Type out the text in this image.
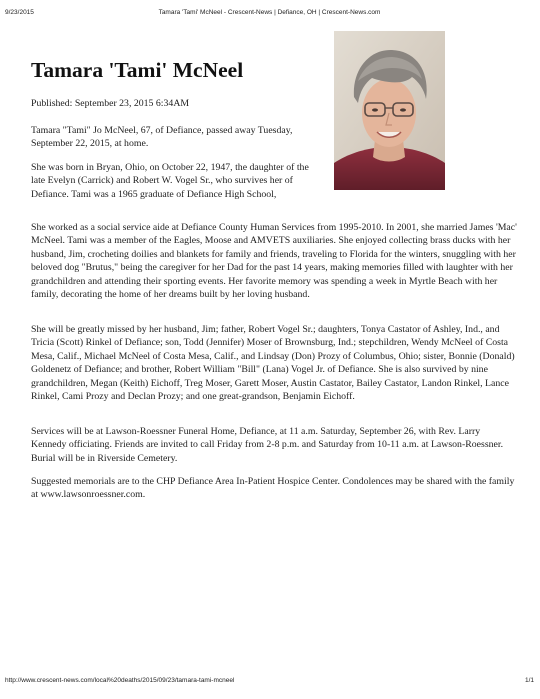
9/23/2015	Tamara 'Tami' McNeel - Crescent-News | Defiance, OH | Crescent-News.com
Tamara 'Tami' McNeel

Published: September 23, 2015 6:34AM

Tamara "Tami" Jo McNeel, 67, of Defiance, passed away Tuesday, September 22, 2015, at home.

She was born in Bryan, Ohio, on October 22, 1947, the daughter of the late Evelyn (Carrick) and Robert W. Vogel Sr., who survives her of Defiance. Tami was a 1965 graduate of Defiance High School,

She worked as a social service aide at Defiance County Human Services from 1995-2010. In 2001, she married James 'Mac' McNeel. Tami was a member of the Eagles, Moose and AMVETS auxiliaries. She enjoyed collecting brass ducks with her husband, Jim, crocheting doilies and blankets for family and friends, traveling to Florida for the winters, snuggling with her beloved dog "Brutus," being the caregiver for her Dad for the past 14 years, making memories filled with laughter with her grandchildren and attending their sporting events. Her favorite memory was spending a week in Myrtle Beach with her family, decorating the home of her dreams built by her loving husband.

She will be greatly missed by her husband, Jim; father, Robert Vogel Sr.; daughters, Tonya Castator of Ashley, Ind., and Tricia (Scott) Rinkel of Defiance; son, Todd (Jennifer) Moser of Brownsburg, Ind.; stepchildren, Wendy McNeel of Costa Mesa, Calif., Michael McNeel of Costa Mesa, Calif., and Lindsay (Don) Prozy of Columbus, Ohio; sister, Bonnie (Donald) Goldenetz of Defiance; and brother, Robert William "Bill" (Lana) Vogel Jr. of Defiance. She is also survived by nine grandchildren, Megan (Keith) Eichoff, Treg Moser, Garett Moser, Austin Castator, Bailey Castator, Landon Rinkel, Lance Rinkel, Cami Prozy and Declan Prozy; and one great-grandson, Benjamin Eichoff.

Services will be at Lawson-Roessner Funeral Home, Defiance, at 11 a.m. Saturday, September 26, with Rev. Larry Kennedy officiating. Friends are invited to call Friday from 2-8 p.m. and Saturday from 10-11 a.m. at Lawson-Roessner. Burial will be in Riverside Cemetery.

Suggested memorials are to the CHP Defiance Area In-Patient Hospice Center. Condolences may be shared with the family at www.lawsonroessner.com.

http://www.crescent-news.com/local%20deaths/2015/09/23/tamara-tami-mcneel	1/1
